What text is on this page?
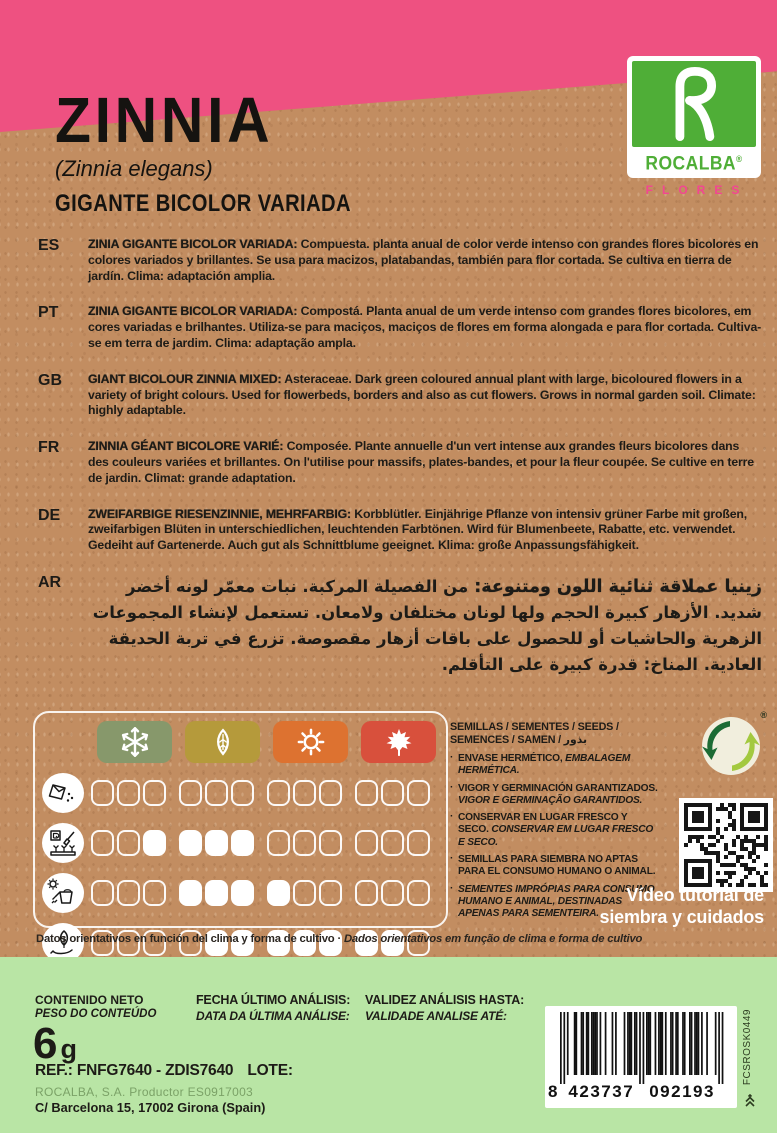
ROCALBA®
FLORES
ZINNIA
(Zinnia elegans)
GIGANTE BICOLOR VARIADA
ES	ZINIA GIGANTE BICOLOR VARIADA: Compuesta. planta anual de color verde intenso con grandes flores bicolores en colores variados y brillantes. Se usa para macizos, platabandas, también para flor cortada. Se cultiva en tierra de jardín. Clima: adaptación amplia.

PT	ZINIA GIGANTE BICOLOR VARIADA: Compostá. Planta anual de um verde intenso com grandes flores bicolores, em cores variadas e brilhantes. Utiliza-se para maciços, maciços de flores em forma alongada e para flor cortada. Cultiva-se em terra de jardim. Clima: adaptação ampla.

GB	GIANT BICOLOUR ZINNIA MIXED: Asteraceae. Dark green coloured annual plant with large, bicoloured flowers in a variety of bright colours. Used for flowerbeds, borders and also as cut flowers. Grows in normal garden soil. Climate: highly adaptable.

FR	ZINNIA GÉANT BICOLORE VARIÉ: Composée. Plante annuelle d'un vert intense aux grandes fleurs bicolores dans des couleurs variées et brillantes. On l'utilise pour massifs, plates-bandes, et pour la fleur coupée. Se cultive en terre de jardin. Climat: grande adaptation.

DE	ZWEIFARBIGE RIESENZINNIE, MEHRFARBIG: Korbblütler. Einjährige Pflanze von intensiv grüner Farbe mit großen, zweifarbigen Blüten in unterschiedlichen, leuchtenden Farbtönen. Wird für Blumenbeete, Rabatte, etc. verwendet. Gedeiht auf Gartenerde. Auch gut als Schnittblume geeignet. Klima: große Anpassungsfähigkeit.

AR	زينيا عملاقة ثنائية اللون ومتنوعة:من الفصيلة المركبة. نبات معمّر لونه أخضر شديد. الأزهار كبيرة الحجم ولها لونان مختلفان ولامعان. تستعمل لإنشاء المجموعات الزهرية والحاشيات أو للحصول على باقات أزهار مقصوصة. تزرع في تربة الحديقة العادية. المناخ: قدرة كبيرة على التأقلم.

Datos orientativos en función del clima y forma de cultivo · Dados orientativos em função de clima e forma de cultivo
SEMILLAS / SEMENTES / SEEDS /
SEMENCES / SAMEN / بذور
· ENVASE HERMÉTICO, EMBALAGEM HERMÉTICA.
· VIGOR Y GERMINACIÓN GARANTIZADOS. VIGOR E GERMINAÇÃO GARANTIDOS.
· CONSERVAR EN LUGAR FRESCO Y SECO. CONSERVAR EM LUGAR FRESCO E SECO.
· SEMILLAS PARA SIEMBRA NO APTAS PARA EL CONSUMO HUMANO O ANIMAL.
· SEMENTES IMPRÓPIAS PARA CONSUMO HUMANO E ANIMAL, DESTINADAS APENAS PARA SEMENTEIRA.
®
Vídeo tutorial de
siembra y cuidados
CONTENIDO NETO
PESO DO CONTEÚDO
6 g
REF.: FNFG7640 - ZDIS7640 LOTE:
ROCALBA, S.A. Productor ES0917003
C/ Barcelona 15, 17002 Girona (Spain)
FECHA ÚLTIMO ANÁLISIS:
DATA DA ÚLTIMA ANÁLISE:
VALIDEZ ANÁLISIS HASTA:
VALIDADE ANALISE ATÉ:
8 423737 092193
FCSROSK0449
